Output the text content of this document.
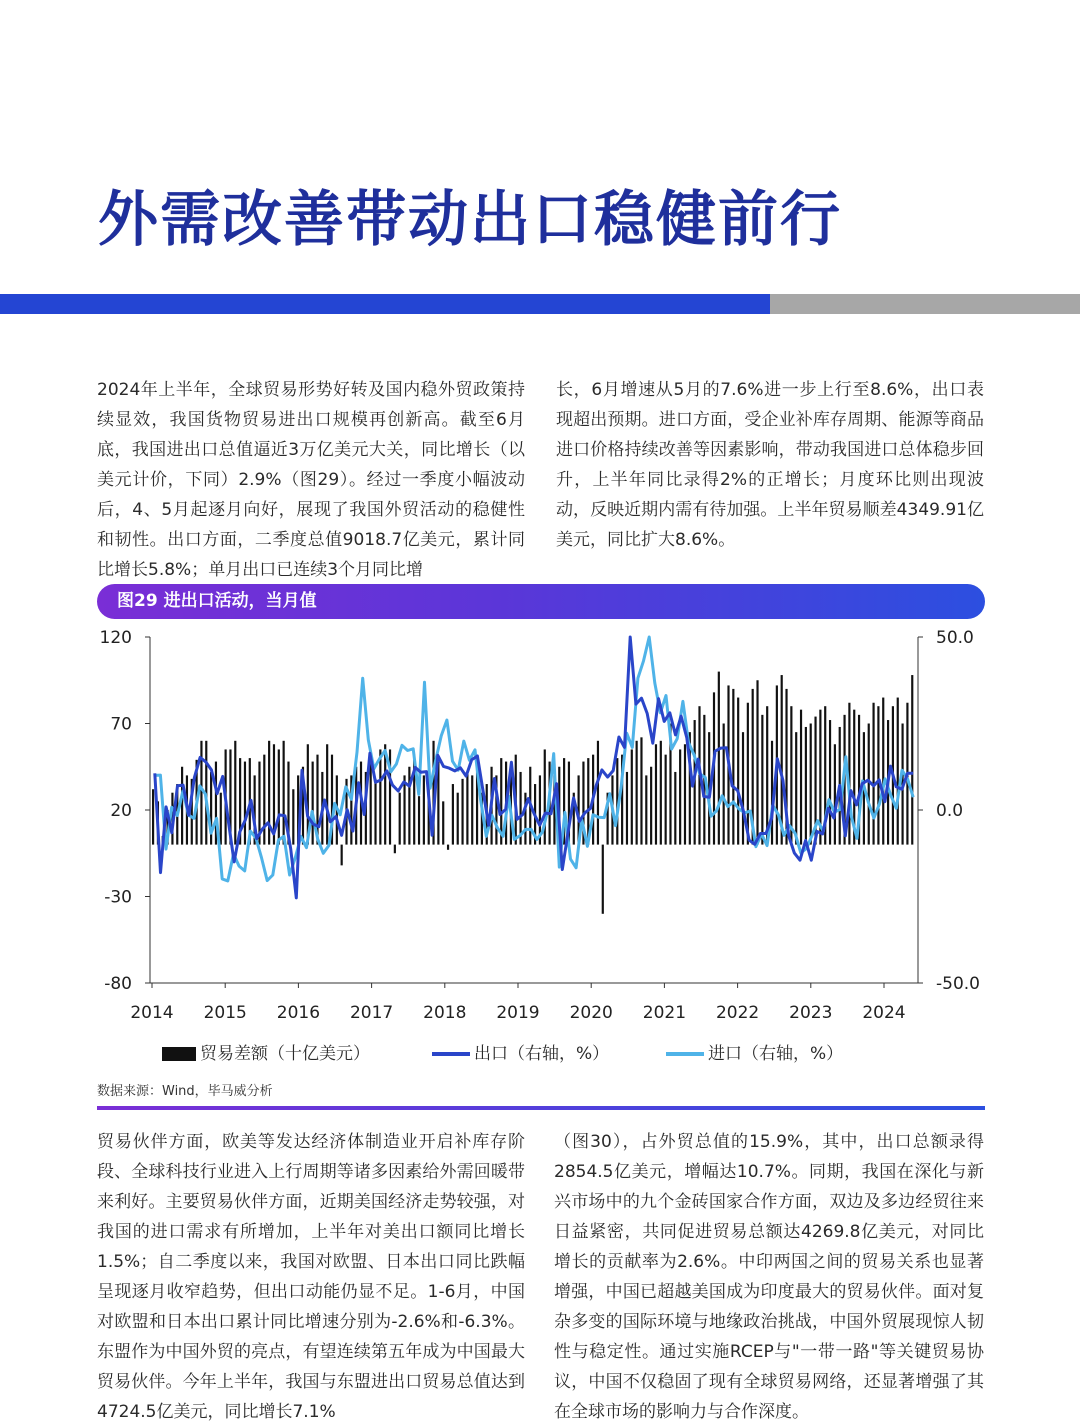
外需改善带动出口稳健前行

2024年上半年，全球贸易形势好转及国内稳外贸政策持续显效，我国货物贸易进出口规模再创新高。截至6月底，我国进出口总值逼近3万亿美元大关，同比增长（以美元计价，下同）2.9%（图29）。经过一季度小幅波动后，4、5月起逐月向好，展现了我国外贸活动的稳健性和韧性。出口方面，二季度总值9018.7亿美元，累计同比增长5.8%；单月出口已连续3个月同比增

长，6月增速从5月的7.6%进一步上行至8.6%，出口表现超出预期。进口方面，受企业补库存周期、能源等商品进口价格持续改善等因素影响，带动我国进口总体稳步回升，上半年同比录得2%的正增长；月度环比则出现波动，反映近期内需有待加强。上半年贸易顺差4349.91亿美元，同比扩大8.6%。

图29 进出口活动，当月值
120
70
20
-30
-80
50.0
0.0
-50.0
2014 2015 2016 2017 2018 2019 2020 2021 2022 2023 2024
贸易差额（十亿美元）	出口（右轴，%）	进口（右轴，%）
数据来源：Wind，毕马威分析

贸易伙伴方面，欧美等发达经济体制造业开启补库存阶段、全球科技行业进入上行周期等诸多因素给外需回暖带来利好。主要贸易伙伴方面，近期美国经济走势较强，对我国的进口需求有所增加，上半年对美出口额同比增长1.5%；自二季度以来，我国对欧盟、日本出口同比跌幅呈现逐月收窄趋势，但出口动能仍显不足。1-6月，中国对欧盟和日本出口累计同比增速分别为-2.6%和-6.3%。东盟作为中国外贸的亮点，有望连续第五年成为中国最大贸易伙伴。今年上半年，我国与东盟进出口贸易总值达到4724.5亿美元，同比增长7.1%

（图30），占外贸总值的15.9%，其中，出口总额录得2854.5亿美元，增幅达10.7%。同期，我国在深化与新兴市场中的九个金砖国家合作方面，双边及多边经贸往来日益紧密，共同促进贸易总额达4269.8亿美元，对同比增长的贡献率为2.6%。中印两国之间的贸易关系也显著增强，中国已超越美国成为印度最大的贸易伙伴。面对复杂多变的国际环境与地缘政治挑战，中国外贸展现惊人韧性与稳定性。通过实施RCEP与"一带一路"等关键贸易协议，中国不仅稳固了现有全球贸易网络，还显著增强了其在全球市场的影响力与合作深度。
